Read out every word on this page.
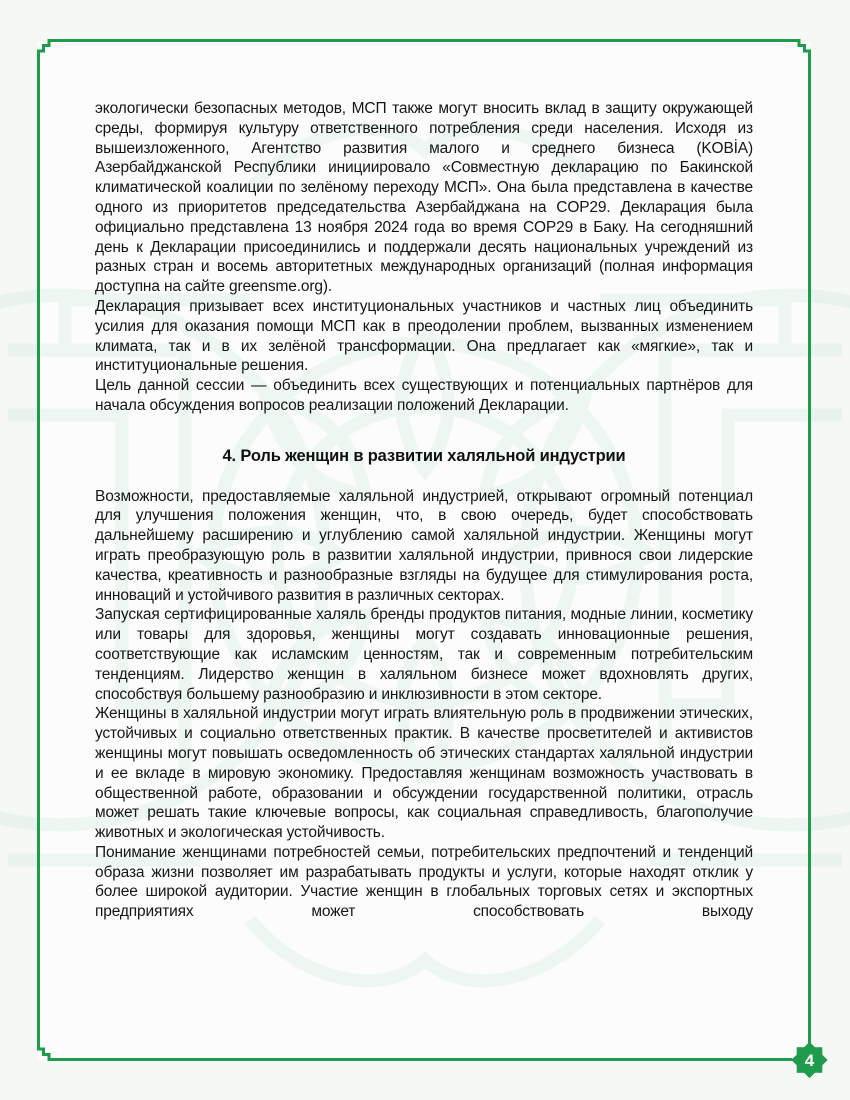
4

экологически безопасных методов, МСП также могут вносить вклад в защиту окружающей среды, формируя культуру ответственного потребления среди населения. Исходя из вышеизложенного, Агентство развития малого и среднего бизнеса (KOBİA) Азербайджанской Республики инициировало «Совместную декларацию по Бакинской климатической коалиции по зелёному переходу МСП». Она была представлена в качестве одного из приоритетов председательства Азербайджана на COP29. Декларация была официально представлена 13 ноября 2024 года во время COP29 в Баку. На сегодняшний день к Декларации присоединились и поддержали десять национальных учреждений из разных стран и восемь авторитетных международных организаций (полная информация доступна на сайте greensme.org).

Декларация призывает всех институциональных участников и частных лиц объединить усилия для оказания помощи МСП как в преодолении проблем, вызванных изменением климата, так и в их зелёной трансформации. Она предлагает как «мягкие», так и институциональные решения.

Цель данной сессии — объединить всех существующих и потенциальных партнёров для начала обсуждения вопросов реализации положений Декларации.

4. Роль женщин в развитии халяльной индустрии

Возможности, предоставляемые халяльной индустрией, открывают огромный потенциал для улучшения положения женщин, что, в свою очередь, будет способствовать дальнейшему расширению и углублению самой халяльной индустрии. Женщины могут играть преобразующую роль в развитии халяльной индустрии, привнося свои лидерские качества, креативность и разнообразные взгляды на будущее для стимулирования роста, инноваций и устойчивого развития в различных секторах.

Запуская сертифицированные халяль бренды продуктов питания, модные линии, косметику или товары для здоровья, женщины могут создавать инновационные решения, соответствующие как исламским ценностям, так и современным потребительским тенденциям. Лидерство женщин в халяльном бизнесе может вдохновлять других, способствуя большему разнообразию и инклюзивности в этом секторе.

Женщины в халяльной индустрии могут играть влиятельную роль в продвижении этических, устойчивых и социально ответственных практик. В качестве просветителей и активистов женщины могут повышать осведомленность об этических стандартах халяльной индустрии и ее вкладе в мировую экономику. Предоставляя женщинам возможность участвовать в общественной работе, образовании и обсуждении государственной политики, отрасль может решать такие ключевые вопросы, как социальная справедливость, благополучие животных и экологическая устойчивость.

Понимание женщинами потребностей семьи, потребительских предпочтений и тенденций образа жизни позволяет им разрабатывать продукты и услуги, которые находят отклик у более широкой аудитории. Участие женщин в глобальных торговых сетях и экспортных предприятиях может способствовать выходу
